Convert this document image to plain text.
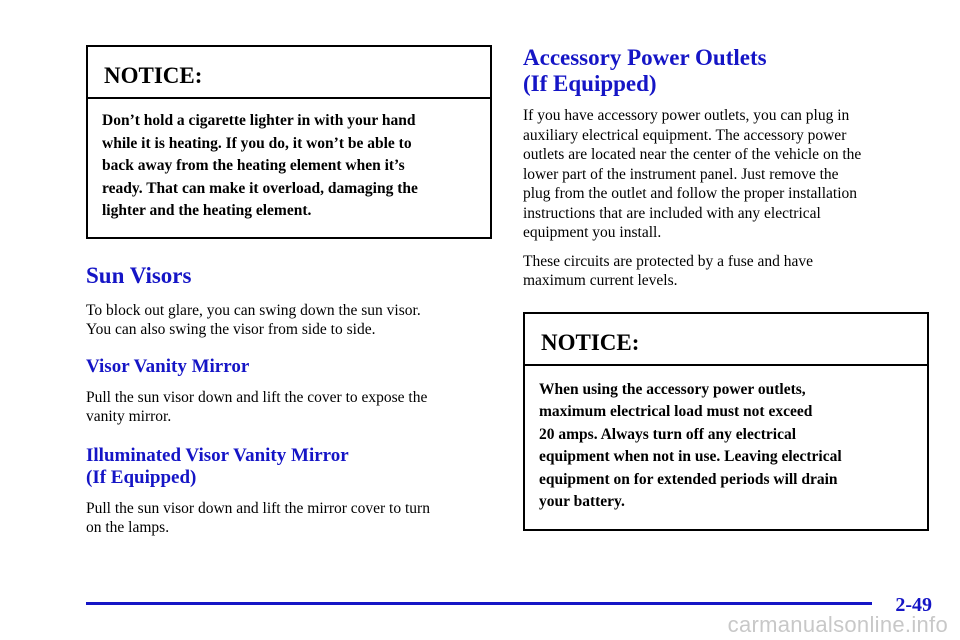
NOTICE:
Don’t hold a cigarette lighter in with your hand
while it is heating. If you do, it won’t be able to
back away from the heating element when it’s
ready. That can make it overload, damaging the
lighter and the heating element.
Sun Visors

To block out glare, you can swing down the sun visor.
You can also swing the visor from side to side.

Visor Vanity Mirror

Pull the sun visor down and lift the cover to expose the
vanity mirror.

Illuminated Visor Vanity Mirror
(If Equipped)

Pull the sun visor down and lift the mirror cover to turn
on the lamps.

Accessory Power Outlets
(If Equipped)

If you have accessory power outlets, you can plug in
auxiliary electrical equipment. The accessory power
outlets are located near the center of the vehicle on the
lower part of the instrument panel. Just remove the
plug from the outlet and follow the proper installation
instructions that are included with any electrical
equipment you install.

These circuits are protected by a fuse and have
maximum current levels.

NOTICE:
When using the accessory power outlets,
maximum electrical load must not exceed
20 amps. Always turn off any electrical
equipment when not in use. Leaving electrical
equipment on for extended periods will drain
your battery.
2-49
carmanualsonline.info
